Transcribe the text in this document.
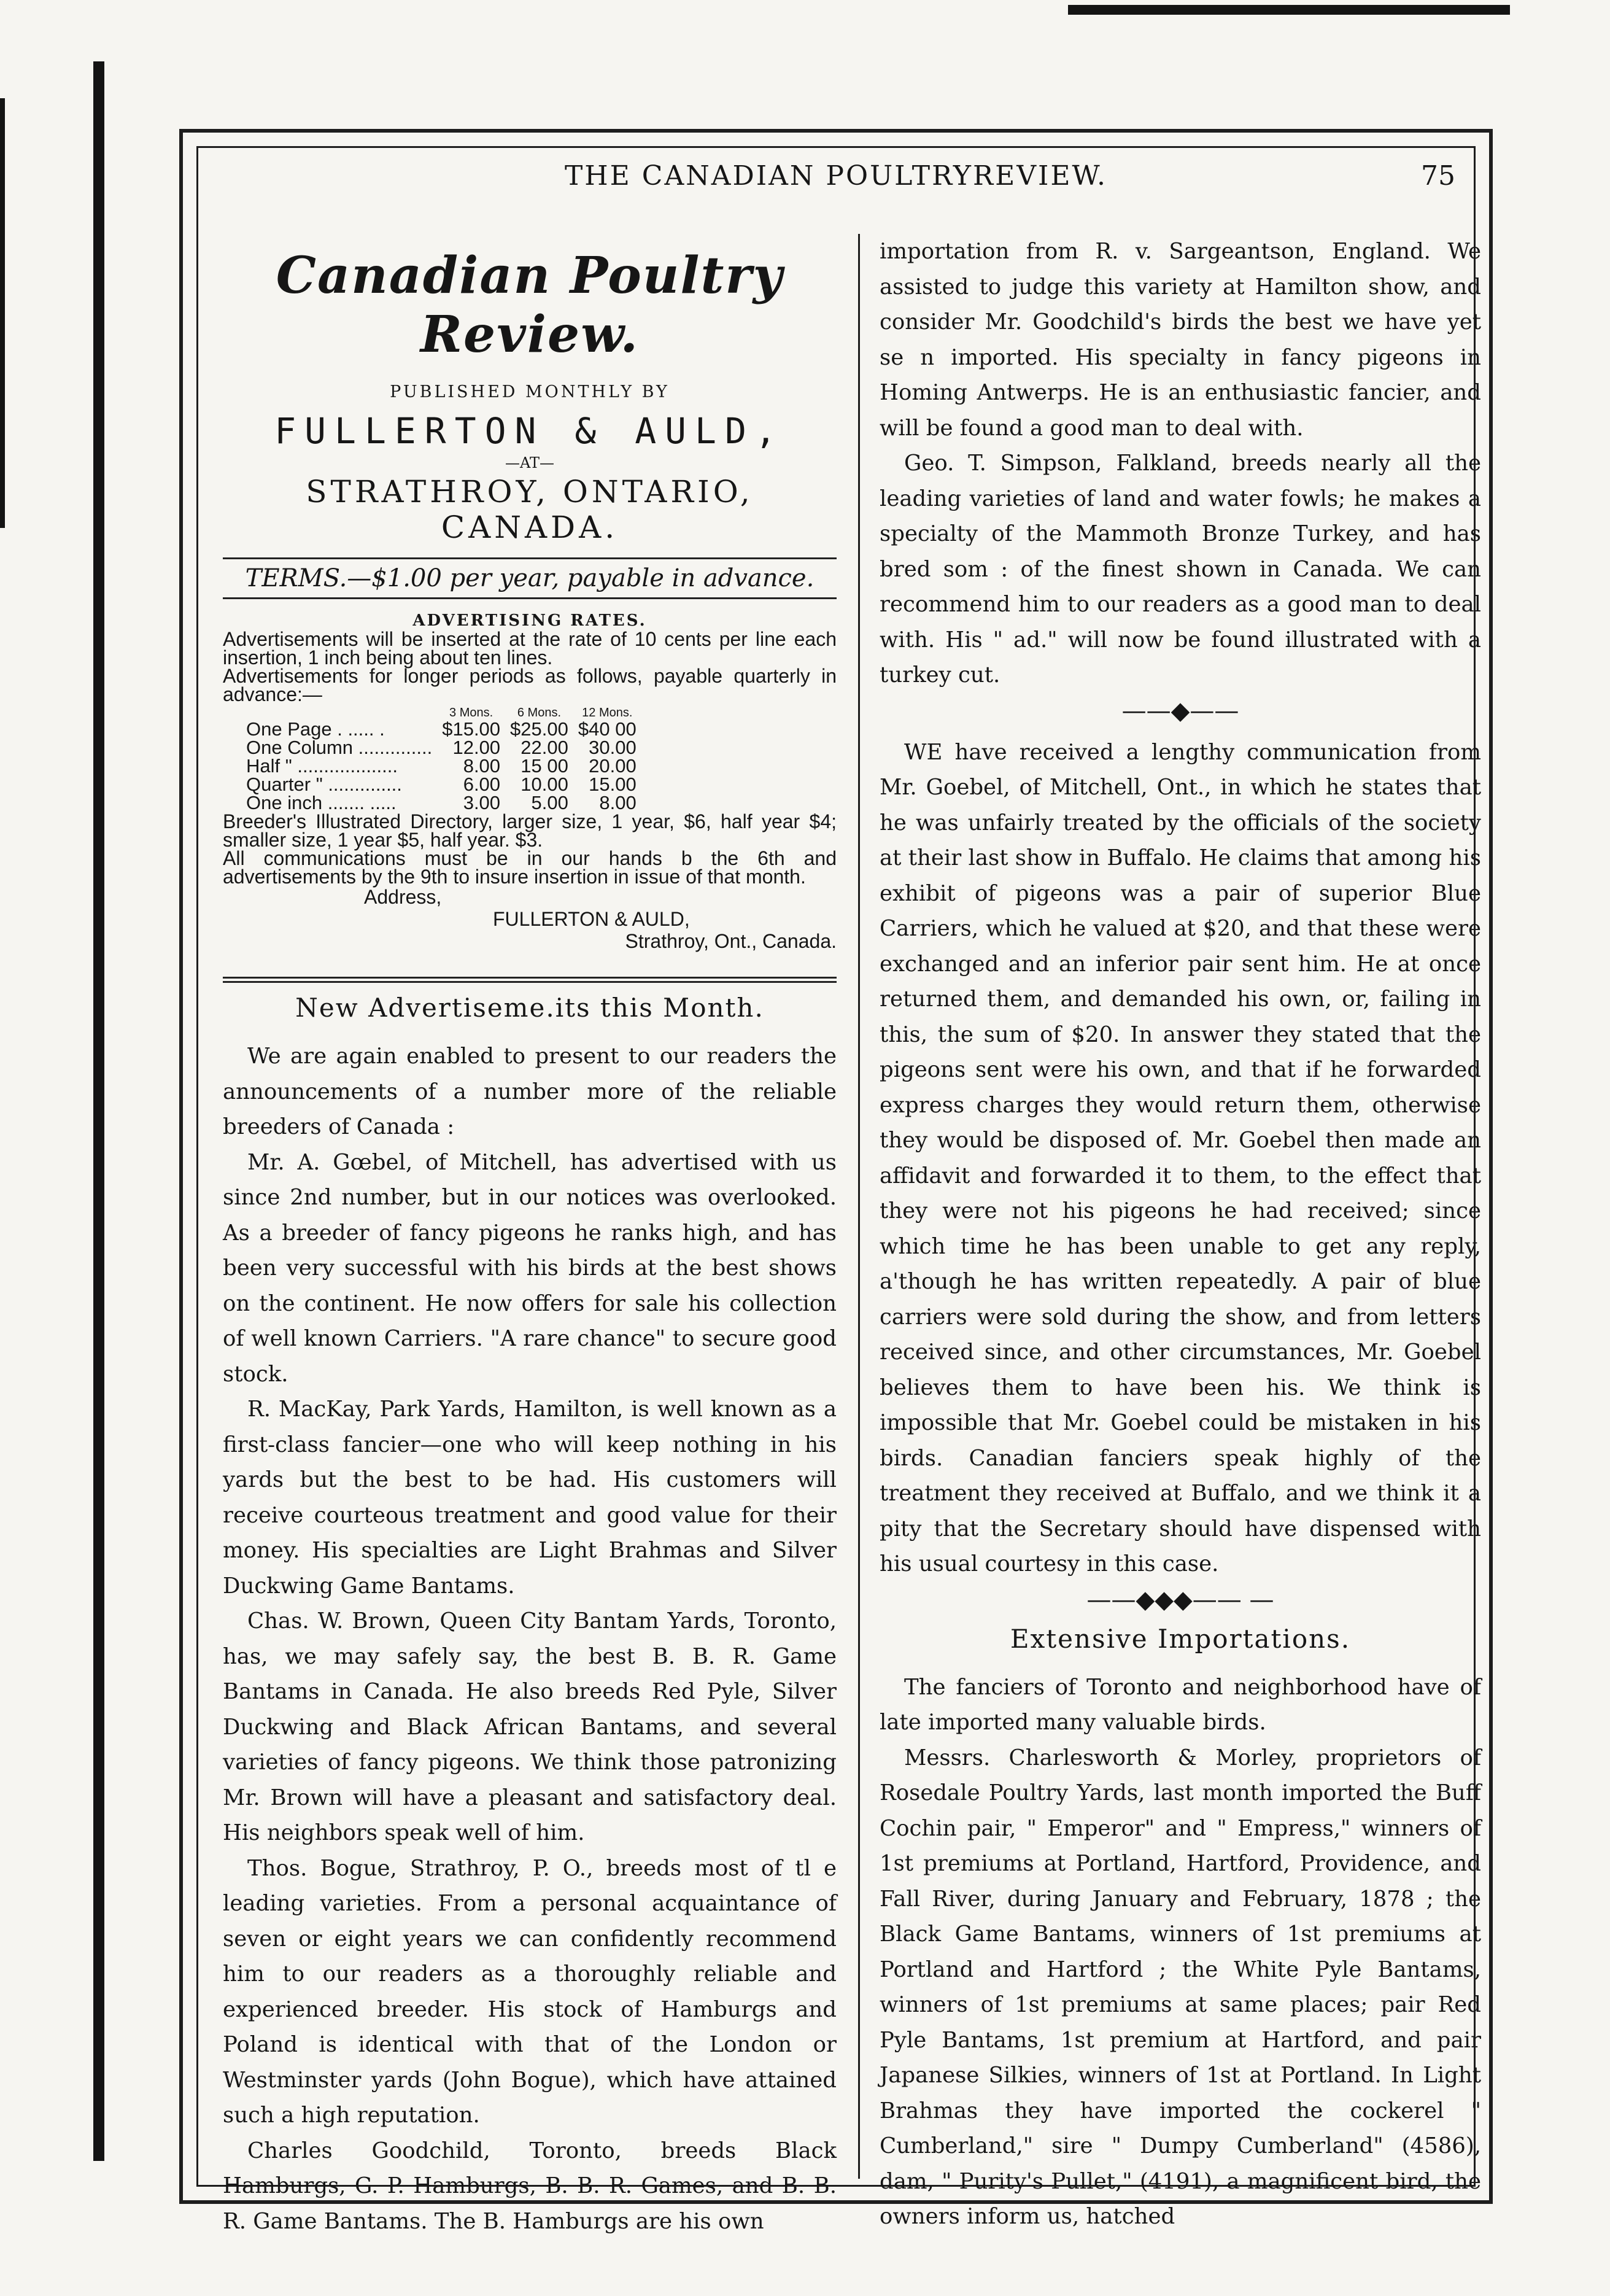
THE CANADIAN POULTRYREVIEW.	75
Canadian Poultry Review.
PUBLISHED MONTHLY BY
FULLERTON & AULD,
—AT—
STRATHROY, ONTARIO, CANADA.
TERMS.—$1.00 per year, payable in advance.
ADVERTISING RATES.
Advertisements will be inserted at the rate of 10 cents per line each insertion, 1 inch being about ten lines.
Advertisements for longer periods as follows, payable quarterly in advance:—
	3 Mons.	6 Mons.	12 Mons.
One Page . ..... .	$15.00	$25.00	$40 00
One Column ..............	12.00	22.00	30.00
Half " ...................	8.00	15 00	20.00
Quarter " ..............	6.00	10.00	15.00
One inch ....... .....	3.00	5.00	8.00
Breeder's Illustrated Directory, larger size, 1 year, $6, half year $4; smaller size, 1 year $5, half year. $3.
All communications must be in our hands b the 6th and advertisements by the 9th to insure insertion in issue of that month.
Address,
FULLERTON & AULD,
Strathroy, Ont., Canada.
New Advertiseme.its this Month.

We are again enabled to present to our readers the announcements of a number more of the reliable breeders of Canada :

Mr. A. Gœbel, of Mitchell, has advertised with us since 2nd number, but in our notices was overlooked. As a breeder of fancy pigeons he ranks high, and has been very successful with his birds at the best shows on the continent. He now offers for sale his collection of well known Carriers. "A rare chance" to secure good stock.

R. MacKay, Park Yards, Hamilton, is well known as a first-class fancier—one who will keep nothing in his yards but the best to be had. His customers will receive courteous treatment and good value for their money. His specialties are Light Brahmas and Silver Duckwing Game Bantams.

Chas. W. Brown, Queen City Bantam Yards, Toronto, has, we may safely say, the best B. B. R. Game Bantams in Canada. He also breeds Red Pyle, Silver Duckwing and Black African Bantams, and several varieties of fancy pigeons. We think those patronizing Mr. Brown will have a pleasant and satisfactory deal. His neighbors speak well of him.

Thos. Bogue, Strathroy, P. O., breeds most of tl e leading varieties. From a personal acquaintance of seven or eight years we can confidently recommend him to our readers as a thoroughly reliable and experienced breeder. His stock of Hamburgs and Poland is identical with that of the London or Westminster yards (John Bogue), which have attained such a high reputation.

Charles Goodchild, Toronto, breeds Black Hamburgs, G. P. Hamburgs, B. B. R. Games, and B. B. R. Game Bantams. The B. Hamburgs are his own

importation from R. v. Sargeantson, England. We assisted to judge this variety at Hamilton show, and consider Mr. Goodchild's birds the best we have yet se n imported. His specialty in fancy pigeons in Homing Antwerps. He is an enthusiastic fancier, and will be found a good man to deal with.

Geo. T. Simpson, Falkland, breeds nearly all the leading varieties of land and water fowls; he makes a specialty of the Mammoth Bronze Turkey, and has bred som : of the finest shown in Canada. We can recommend him to our readers as a good man to deal with. His " ad." will now be found illustrated with a turkey cut.

——◆——

WE have received a lengthy communication from Mr. Goebel, of Mitchell, Ont., in which he states that he was unfairly treated by the officials of the society at their last show in Buffalo. He claims that among his exhibit of pigeons was a pair of superior Blue Carriers, which he valued at $20, and that these were exchanged and an inferior pair sent him. He at once returned them, and demanded his own, or, failing in this, the sum of $20. In answer they stated that the pigeons sent were his own, and that if he forwarded express charges they would return them, otherwise they would be disposed of. Mr. Goebel then made an affidavit and forwarded it to them, to the effect that they were not his pigeons he had received; since which time he has been unable to get any reply, a'though he has written repeatedly. A pair of blue carriers were sold during the show, and from letters received since, and other circumstances, Mr. Goebel believes them to have been his. We think is impossible that Mr. Goebel could be mistaken in his birds. Canadian fanciers speak highly of the treatment they received at Buffalo, and we think it a pity that the Secretary should have dispensed with his usual courtesy in this case.

——◆◆◆—— —
Extensive Importations.

The fanciers of Toronto and neighborhood have of late imported many valuable birds.

Messrs. Charlesworth & Morley, proprietors of Rosedale Poultry Yards, last month imported the Buff Cochin pair, " Emperor" and " Empress," winners of 1st premiums at Portland, Hartford, Providence, and Fall River, during January and February, 1878 ; the Black Game Bantams, winners of 1st premiums at Portland and Hartford ; the White Pyle Bantams, winners of 1st premiums at same places; pair Red Pyle Bantams, 1st premium at Hartford, and pair Japanese Silkies, winners of 1st at Portland. In Light Brahmas they have imported the cockerel " Cumberland," sire " Dumpy Cumberland" (4586), dam, " Purity's Pullet," (4191), a magnificent bird, the owners inform us, hatched
